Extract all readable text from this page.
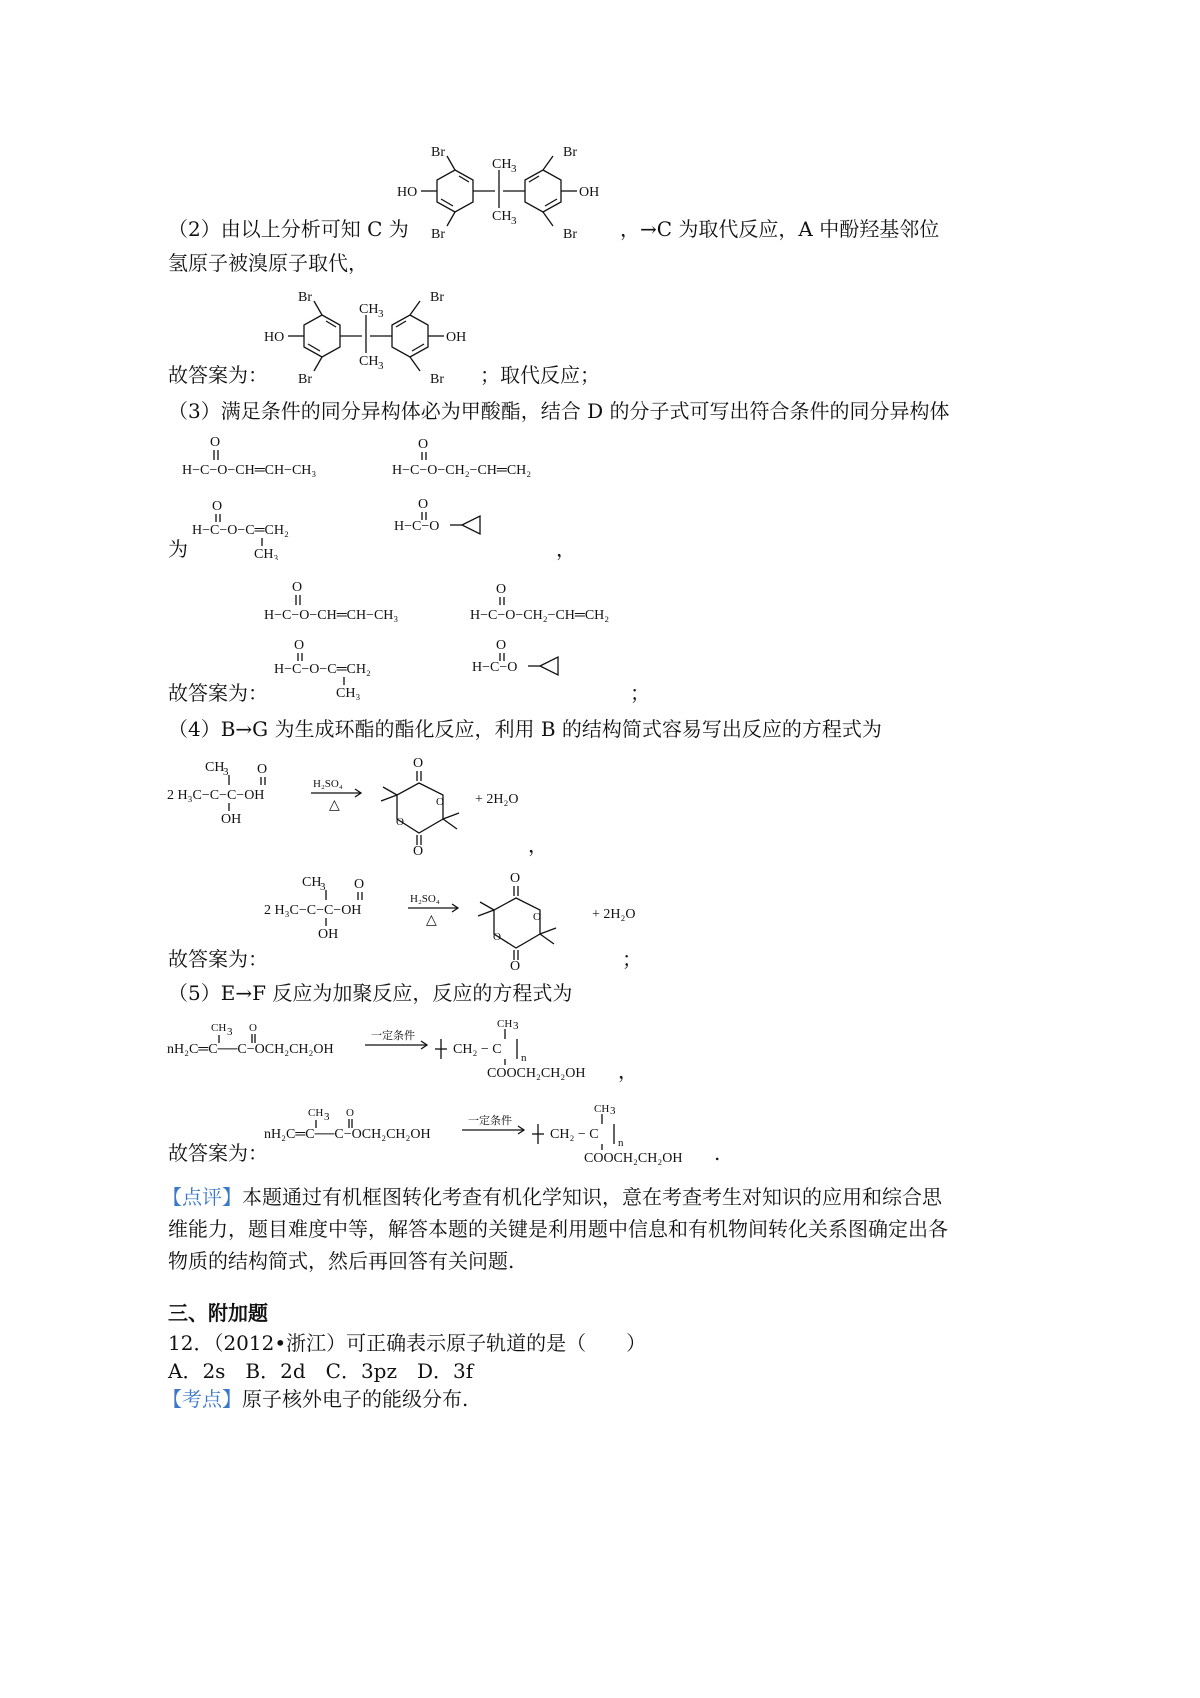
Br
Br
HO
CH 3
CH 3
Br
Br
OH
（2）由以上分析可知 C 为	，→C 为取代反应，A 中酚羟基邻位
氢原子被溴原子取代，
Br
Br
HO
CH 3
CH 3
Br
Br
OH
故答案为：	；取代反应；
（3）满足条件的同分异构体必为甲酸酯，结合 D 的分子式可写出符合条件的同分异构体
O
H−C−O−CH═CH−CH₃
O
H−C−O−CH₂−CH═CH₂
O
H−C−O−C═CH₂
CH₃
O
H−C−O
为	，
O
H−C−O−CH═CH−CH₃
O
H−C−O−CH₂−CH═CH₂
O
H−C−O−C═CH₂
CH₃
O
H−C−O
故答案为：	；
（4）B→G 为生成环酯的酯化反应，利用 B 的结构简式容易写出反应的方程式为
CH
3 O
2 H₃C−C−C−OH
OH
H₂SO₄
△
O
O
O
O
+ 2H₂O
，
CH
3 O
2 H₃C−C−C−OH
OH
H₂SO₄
△
O
O
O
O
+ 2H₂O
故答案为：	；
（5）E→F 反应为加聚反应，反应的方程式为
CH 3 O
nH₂C═C──C−OCH₂CH₂OH
一定条件
CH₂ − C
n
CH 3
COOCH₂CH₂OH ，
CH 3 O
nH₂C═C──C−OCH₂CH₂OH
一定条件
CH₂ − C
n
CH 3
COOCH₂CH₂OH
故答案为：	.
【点评】本题通过有机框图转化考查有机化学知识，意在考查考生对知识的应用和综合思
维能力，题目难度中等，解答本题的关键是利用题中信息和有机物间转化关系图确定出各
物质的结构简式，然后再回答有关问题.
三、附加题
12．（2012•浙江）可正确表示原子轨道的是（　　）
A．2s　B．2d　C．3pz　D．3f
【考点】原子核外电子的能级分布.
